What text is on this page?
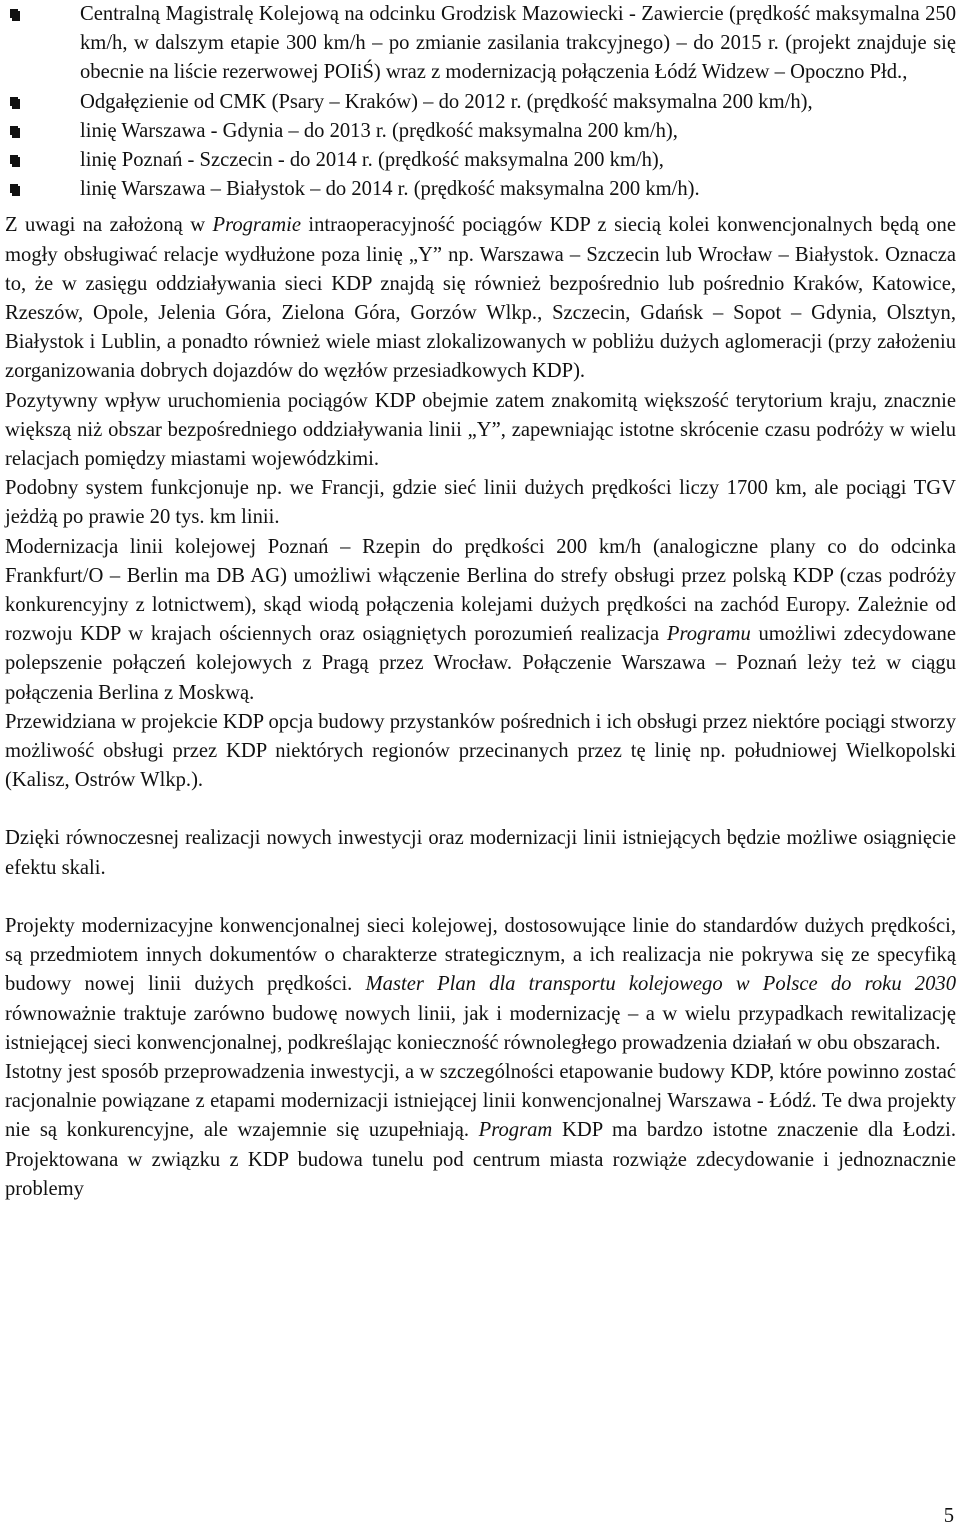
Centralną Magistralę Kolejową na odcinku Grodzisk Mazowiecki - Zawiercie (prędkość maksymalna 250 km/h, w dalszym etapie 300 km/h – po zmianie zasilania trakcyjnego) – do 2015 r. (projekt znajduje się obecnie na liście rezerwowej POIiŚ) wraz z modernizacją połączenia Łódź Widzew – Opoczno Płd.,
Odgałęzienie od CMK (Psary – Kraków) – do 2012 r. (prędkość maksymalna 200 km/h),
linię Warszawa - Gdynia – do 2013 r. (prędkość maksymalna 200 km/h),
linię Poznań - Szczecin - do 2014 r. (prędkość maksymalna 200 km/h),
linię Warszawa – Białystok – do 2014 r. (prędkość maksymalna 200 km/h).

Z uwagi na założoną w Programie intraoperacyjność pociągów KDP z siecią kolei konwencjonalnych będą one mogły obsługiwać relacje wydłużone poza linię „Y” np. Warszawa – Szczecin lub Wrocław – Białystok. Oznacza to, że w zasięgu oddziaływania sieci KDP znajdą się również bezpośrednio lub pośrednio Kraków, Katowice, Rzeszów, Opole, Jelenia Góra, Zielona Góra, Gorzów Wlkp., Szczecin, Gdańsk – Sopot – Gdynia, Olsztyn, Białystok i Lublin, a ponadto również wiele miast zlokalizowanych w pobliżu dużych aglomeracji (przy założeniu zorganizowania dobrych dojazdów do węzłów przesiadkowych KDP).

Pozytywny wpływ uruchomienia pociągów KDP obejmie zatem znakomitą większość terytorium kraju, znacznie większą niż obszar bezpośredniego oddziaływania linii „Y”, zapewniając istotne skrócenie czasu podróży w wielu relacjach pomiędzy miastami wojewódzkimi.

Podobny system funkcjonuje np. we Francji, gdzie sieć linii dużych prędkości liczy 1700 km, ale pociągi TGV jeżdżą po prawie 20 tys. km linii.

Modernizacja linii kolejowej Poznań – Rzepin do prędkości 200 km/h (analogiczne plany co do odcinka Frankfurt/O – Berlin ma DB AG) umożliwi włączenie Berlina do strefy obsługi przez polską KDP (czas podróży konkurencyjny z lotnictwem), skąd wiodą połączenia kolejami dużych prędkości na zachód Europy. Zależnie od rozwoju KDP w krajach ościennych oraz osiągniętych porozumień realizacja Programu umożliwi zdecydowane polepszenie połączeń kolejowych z Pragą przez Wrocław. Połączenie Warszawa – Poznań leży też w ciągu połączenia Berlina z Moskwą.

Przewidziana w projekcie KDP opcja budowy przystanków pośrednich i ich obsługi przez niektóre pociągi stworzy możliwość obsługi przez KDP niektórych regionów przecinanych przez tę linię np. południowej Wielkopolski (Kalisz, Ostrów Wlkp.).

Dzięki równoczesnej realizacji nowych inwestycji oraz modernizacji linii istniejących będzie możliwe osiągnięcie efektu skali.

Projekty modernizacyjne konwencjonalnej sieci kolejowej, dostosowujące linie do standardów dużych prędkości, są przedmiotem innych dokumentów o charakterze strategicznym, a ich realizacja nie pokrywa się ze specyfiką budowy nowej linii dużych prędkości. Master Plan dla transportu kolejowego w Polsce do roku 2030 równoważnie traktuje zarówno budowę nowych linii, jak i modernizację – a w wielu przypadkach rewitalizację istniejącej sieci konwencjonalnej, podkreślając konieczność równoległego prowadzenia działań w obu obszarach.

Istotny jest sposób przeprowadzenia inwestycji, a w szczególności etapowanie budowy KDP, które powinno zostać racjonalnie powiązane z etapami modernizacji istniejącej linii konwencjonalnej Warszawa - Łódź. Te dwa projekty nie są konkurencyjne, ale wzajemnie się uzupełniają. Program KDP ma bardzo istotne znaczenie dla Łodzi. Projektowana w związku z KDP budowa tunelu pod centrum miasta rozwiąże zdecydowanie i jednoznacznie problemy

5
